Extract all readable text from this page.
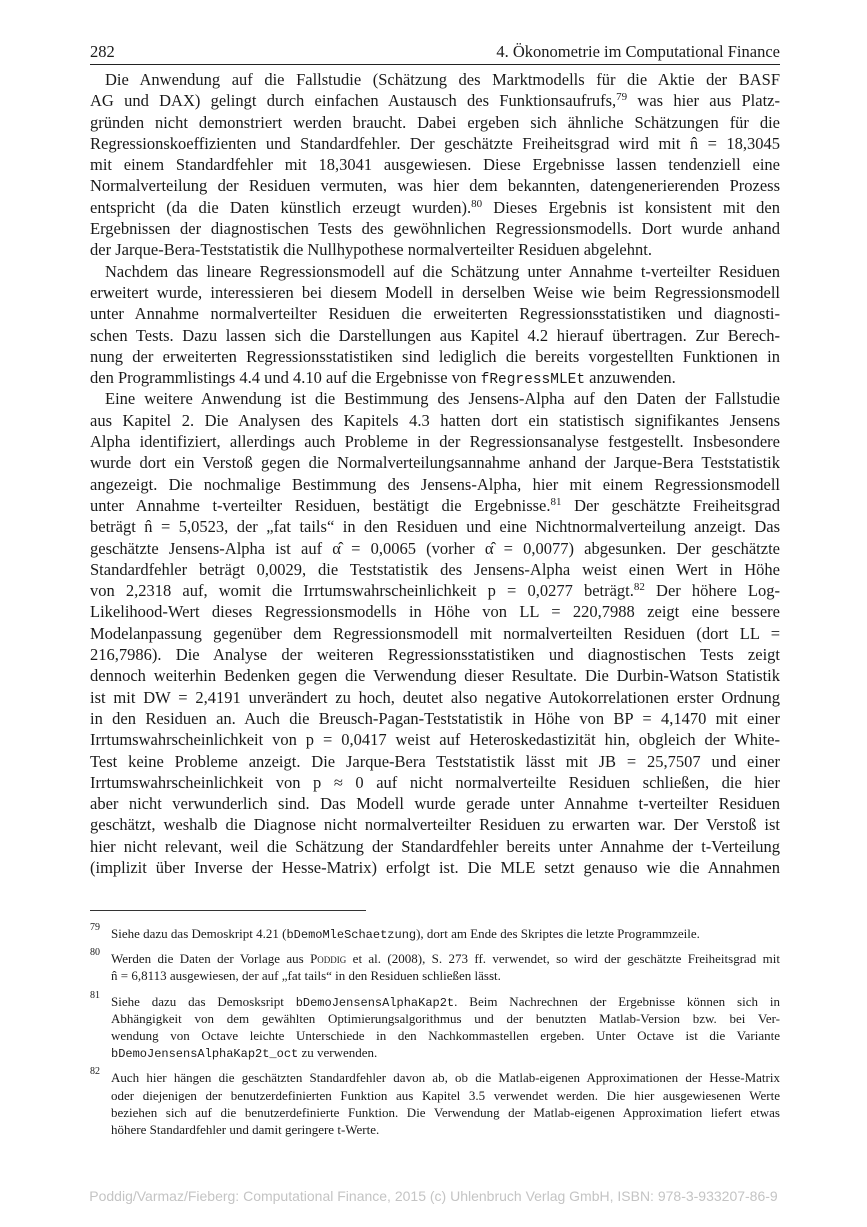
282	4. Ökonometrie im Computational Finance
Die Anwendung auf die Fallstudie (Schätzung des Marktmodells für die Aktie der BASF
AG und DAX) gelingt durch einfachen Austausch des Funktionsaufrufs,$^{79}$ was hier aus Platz-
gründen nicht demonstriert werden braucht. Dabei ergeben sich ähnliche Schätzungen für die
Regressionskoeffizienten und Standardfehler. Der geschätzte Freiheitsgrad wird mit n̂ = 18,3045
mit einem Standardfehler mit 18,3041 ausgewiesen. Diese Ergebnisse lassen tendenziell eine
Normalverteilung der Residuen vermuten, was hier dem bekannten, datengenerierenden Prozess
entspricht (da die Daten künstlich erzeugt wurden).$^{80}$ Dieses Ergebnis ist konsistent mit den
Ergebnissen der diagnostischen Tests des gewöhnlichen Regressionsmodells. Dort wurde anhand
der Jarque-Bera-Teststatistik die Nullhypothese normalverteilter Residuen abgelehnt.
Nachdem das lineare Regressionsmodell auf die Schätzung unter Annahme t-verteilter Residuen
erweitert wurde, interessieren bei diesem Modell in derselben Weise wie beim Regressionsmodell
unter Annahme normalverteilter Residuen die erweiterten Regressionsstatistiken und diagnosti-
schen Tests. Dazu lassen sich die Darstellungen aus Kapitel 4.2 hierauf übertragen. Zur Berech-
nung der erweiterten Regressionsstatistiken sind lediglich die bereits vorgestellten Funktionen in
den Programmlistings 4.4 und 4.10 auf die Ergebnisse von fRegressMLEt anzuwenden.
Eine weitere Anwendung ist die Bestimmung des Jensens-Alpha auf den Daten der Fallstudie
aus Kapitel 2. Die Analysen des Kapitels 4.3 hatten dort ein statistisch signifikantes Jensens
Alpha identifiziert, allerdings auch Probleme in der Regressionsanalyse festgestellt. Insbesondere
wurde dort ein Verstoß gegen die Normalverteilungsannahme anhand der Jarque-Bera Teststatistik
angezeigt. Die nochmalige Bestimmung des Jensens-Alpha, hier mit einem Regressionsmodell
unter Annahme t-verteilter Residuen, bestätigt die Ergebnisse.$^{81}$ Der geschätzte Freiheitsgrad
beträgt n̂ = 5,0523, der „fat tails“ in den Residuen und eine Nichtnormalverteilung anzeigt. Das
geschätzte Jensens-Alpha ist auf α̂ = 0,0065 (vorher α̂ = 0,0077) abgesunken. Der geschätzte
Standardfehler beträgt 0,0029, die Teststatistik des Jensens-Alpha weist einen Wert in Höhe
von 2,2318 auf, womit die Irrtumswahrscheinlichkeit p = 0,0277 beträgt.$^{82}$ Der höhere Log-
Likelihood-Wert dieses Regressionsmodells in Höhe von LL = 220,7988 zeigt eine bessere
Modelanpassung gegenüber dem Regressionsmodell mit normalverteilten Residuen (dort LL =
216,7986). Die Analyse der weiteren Regressionsstatistiken und diagnostischen Tests zeigt
dennoch weiterhin Bedenken gegen die Verwendung dieser Resultate. Die Durbin-Watson Statistik
ist mit DW = 2,4191 unverändert zu hoch, deutet also negative Autokorrelationen erster Ordnung
in den Residuen an. Auch die Breusch-Pagan-Teststatistik in Höhe von BP = 4,1470 mit einer
Irrtumswahrscheinlichkeit von p = 0,0417 weist auf Heteroskedastizität hin, obgleich der White-
Test keine Probleme anzeigt. Die Jarque-Bera Teststatistik lässt mit JB = 25,7507 und einer
Irrtumswahrscheinlichkeit von p ≈ 0 auf nicht normalverteilte Residuen schließen, die hier
aber nicht verwunderlich sind. Das Modell wurde gerade unter Annahme t-verteilter Residuen
geschätzt, weshalb die Diagnose nicht normalverteilter Residuen zu erwarten war. Der Verstoß ist
hier nicht relevant, weil die Schätzung der Standardfehler bereits unter Annahme der t-Verteilung
(implizit über Inverse der Hesse-Matrix) erfolgt ist. Die MLE setzt genauso wie die Annahmen
79 Siehe dazu das Demoskript 4.21 (bDemoMleSchaetzung), dort am Ende des Skriptes die letzte Programmzeile.
80 Werden die Daten der Vorlage aus Poddig et al. (2008), S. 273 ff. verwendet, so wird der geschätzte Freiheitsgrad mit
n̂ = 6,8113 ausgewiesen, der auf „fat tails“ in den Residuen schließen lässt.
81 Siehe dazu das Demosksript bDemoJensensAlphaKap2t. Beim Nachrechnen der Ergebnisse können sich in
Abhängigkeit von dem gewählten Optimierungsalgorithmus und der benutzten Matlab-Version bzw. bei Ver-
wendung von Octave leichte Unterschiede in den Nachkommastellen ergeben. Unter Octave ist die Variante
bDemoJensensAlphaKap2t_oct zu verwenden.
82 Auch hier hängen die geschätzten Standardfehler davon ab, ob die Matlab-eigenen Approximationen der Hesse-Matrix
oder diejenigen der benutzerdefinierten Funktion aus Kapitel 3.5 verwendet werden. Die hier ausgewiesenen Werte
beziehen sich auf die benutzerdefinierte Funktion. Die Verwendung der Matlab-eigenen Approximation liefert etwas
höhere Standardfehler und damit geringere t-Werte.
Poddig/Varmaz/Fieberg: Computational Finance, 2015 (c) Uhlenbruch Verlag GmbH, ISBN: 978-3-933207-86-9
